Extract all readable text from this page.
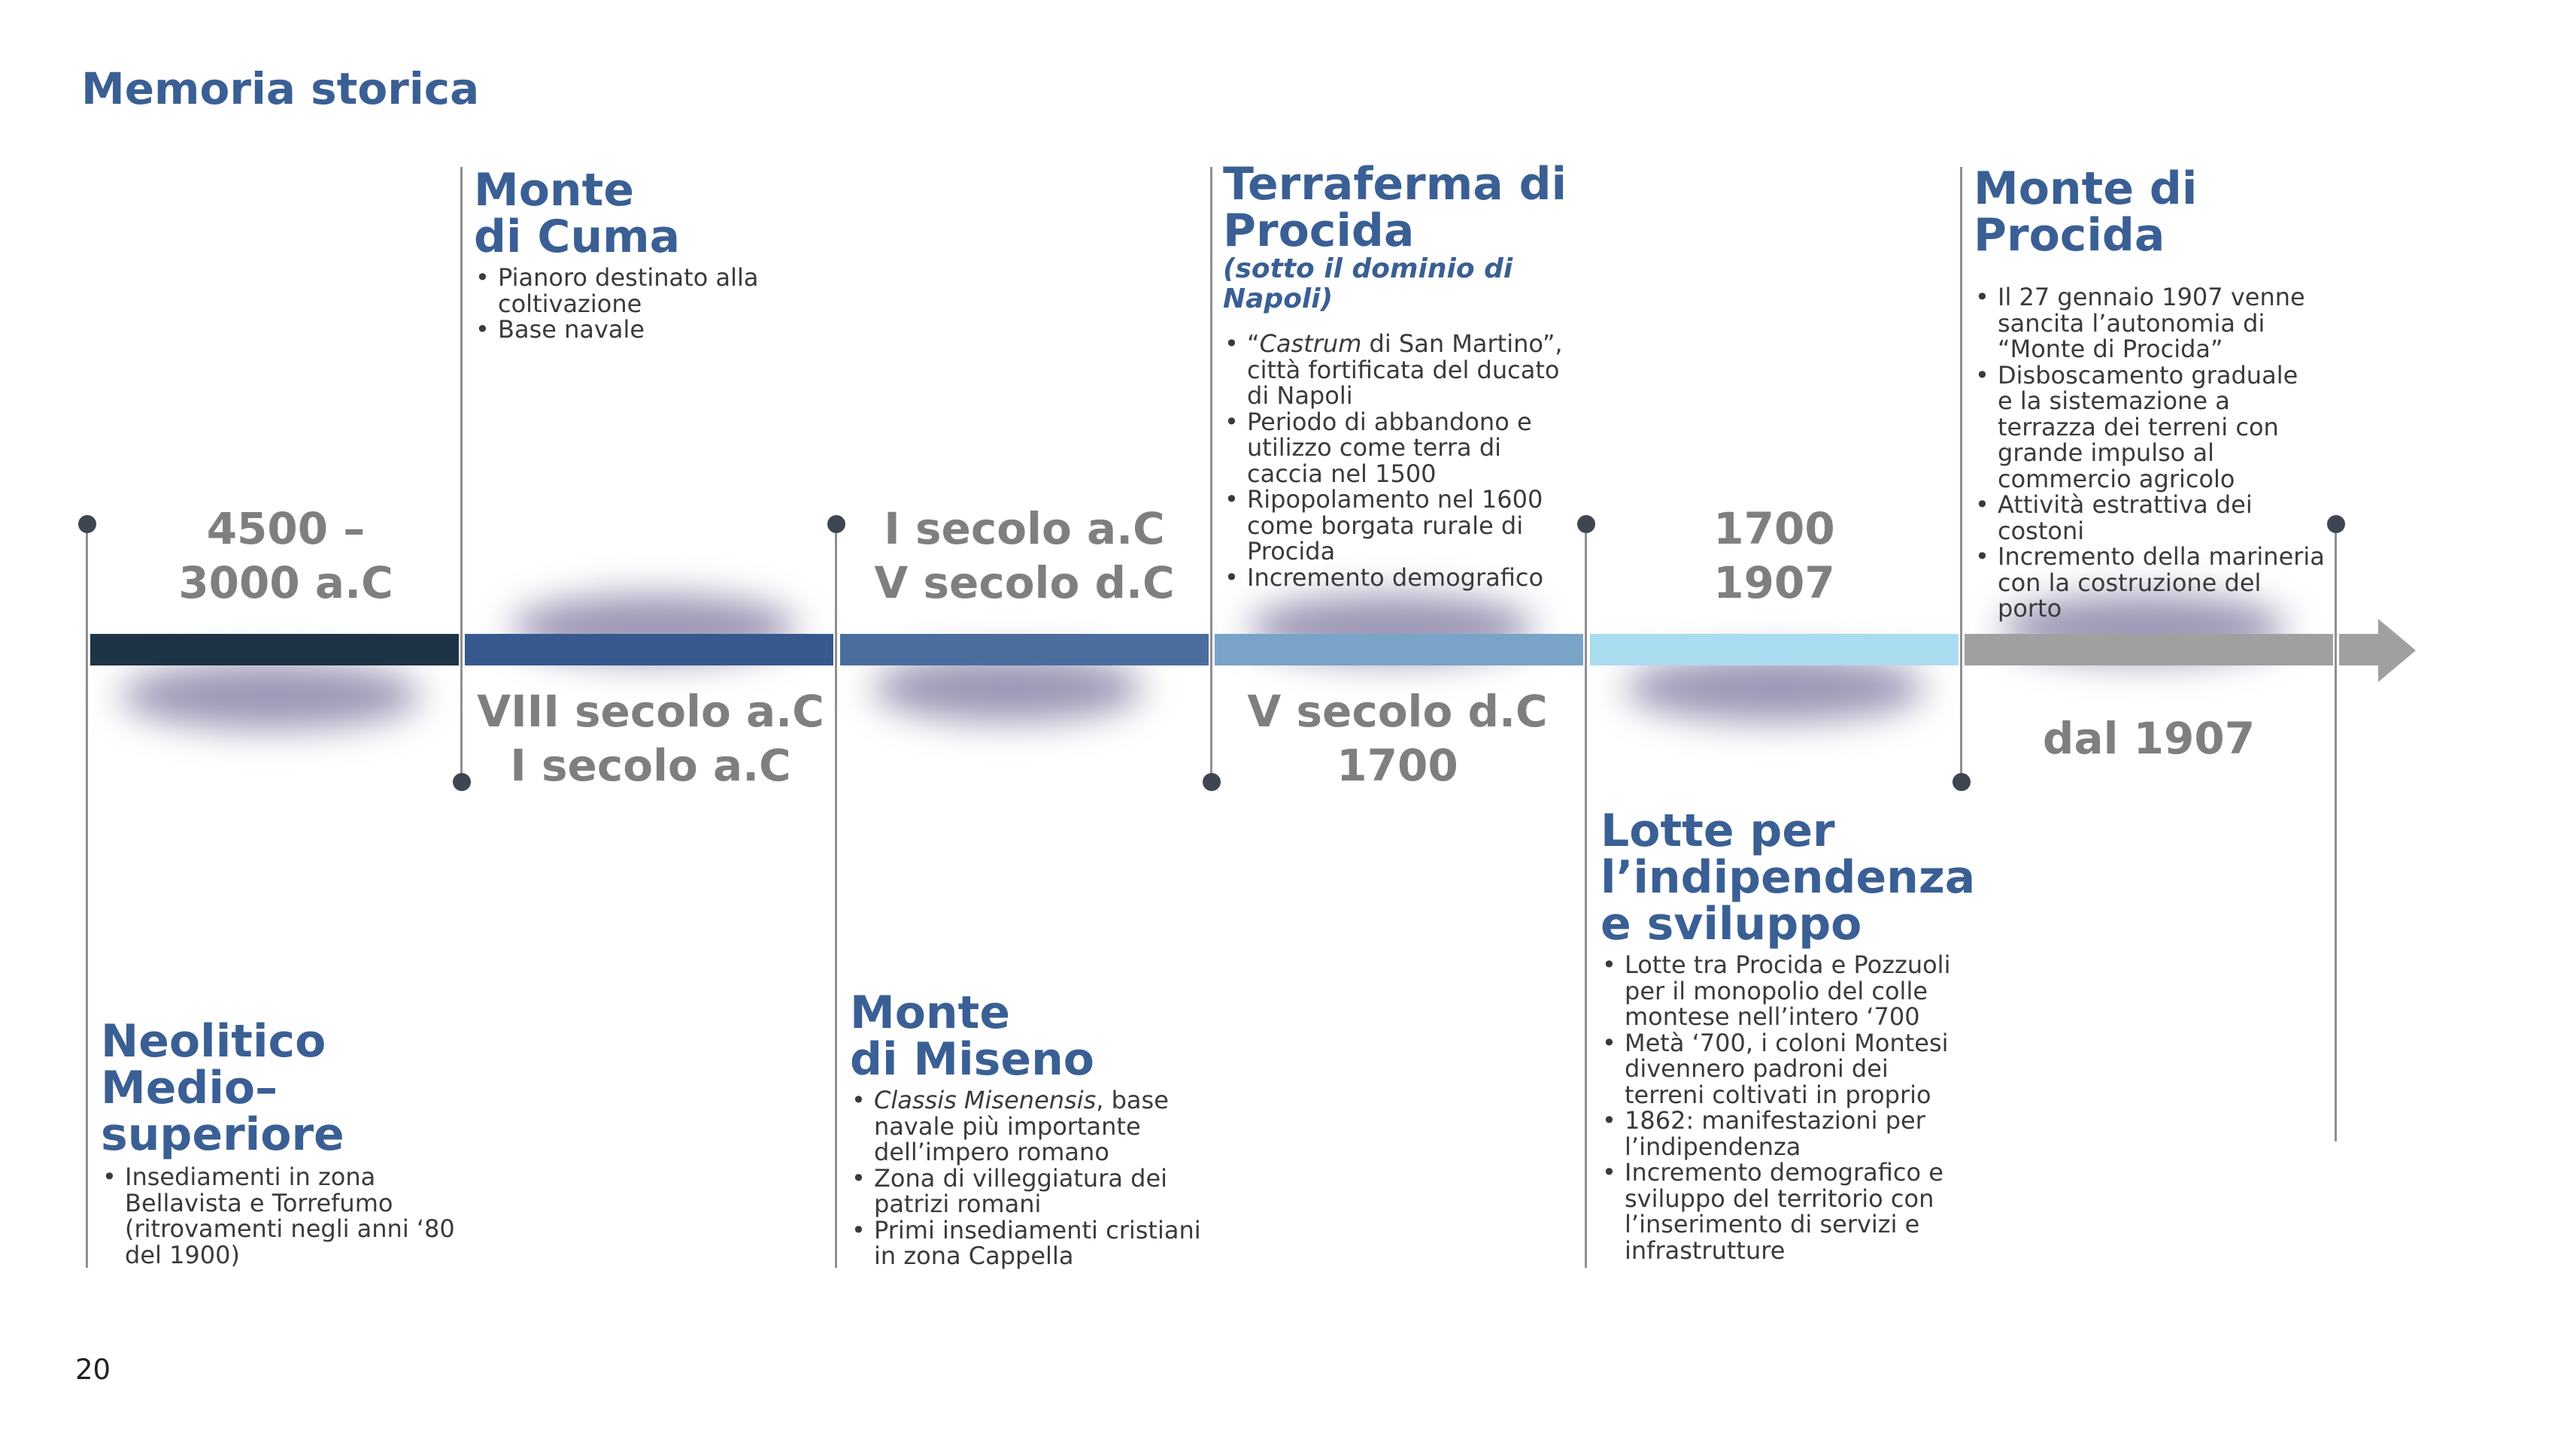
Memoria storica
20
4500 –
3000 a.C
VIII secolo a.C
I secolo a.C
I secolo a.C
V secolo d.C
V secolo d.C
1700
1700
1907
dal 1907
Neolitico
Medio–
superiore
• Insediamenti in zona
Bellavista e Torrefumo
(ritrovamenti negli anni ‘80
del 1900)
Monte
di Cuma
• Pianoro destinato alla
coltivazione
• Base navale
Monte
di Miseno
• Classis Misenensis, base
navale più importante
dell’impero romano
• Zona di villeggiatura dei
patrizi romani
• Primi insediamenti cristiani
in zona Cappella
Terraferma di
Procida
(sotto il dominio di
Napoli)
• “Castrum di San Martino”,
città fortificata del ducato
di Napoli
• Periodo di abbandono e
utilizzo come terra di
caccia nel 1500
• Ripopolamento nel 1600
come borgata rurale di
Procida
• Incremento demografico
Lotte per
l’indipendenza
e sviluppo
• Lotte tra Procida e Pozzuoli
per il monopolio del colle
montese nell’intero ‘700
• Metà ‘700, i coloni Montesi
divennero padroni dei
terreni coltivati in proprio
• 1862: manifestazioni per
l’indipendenza
• Incremento demografico e
sviluppo del territorio con
l’inserimento di servizi e
infrastrutture
Monte di
Procida
• Il 27 gennaio 1907 venne
sancita l’autonomia di
“Monte di Procida”
• Disboscamento graduale
e la sistemazione a
terrazza dei terreni con
grande impulso al
commercio agricolo
• Attività estrattiva dei
costoni
• Incremento della marineria
con la costruzione del
porto
